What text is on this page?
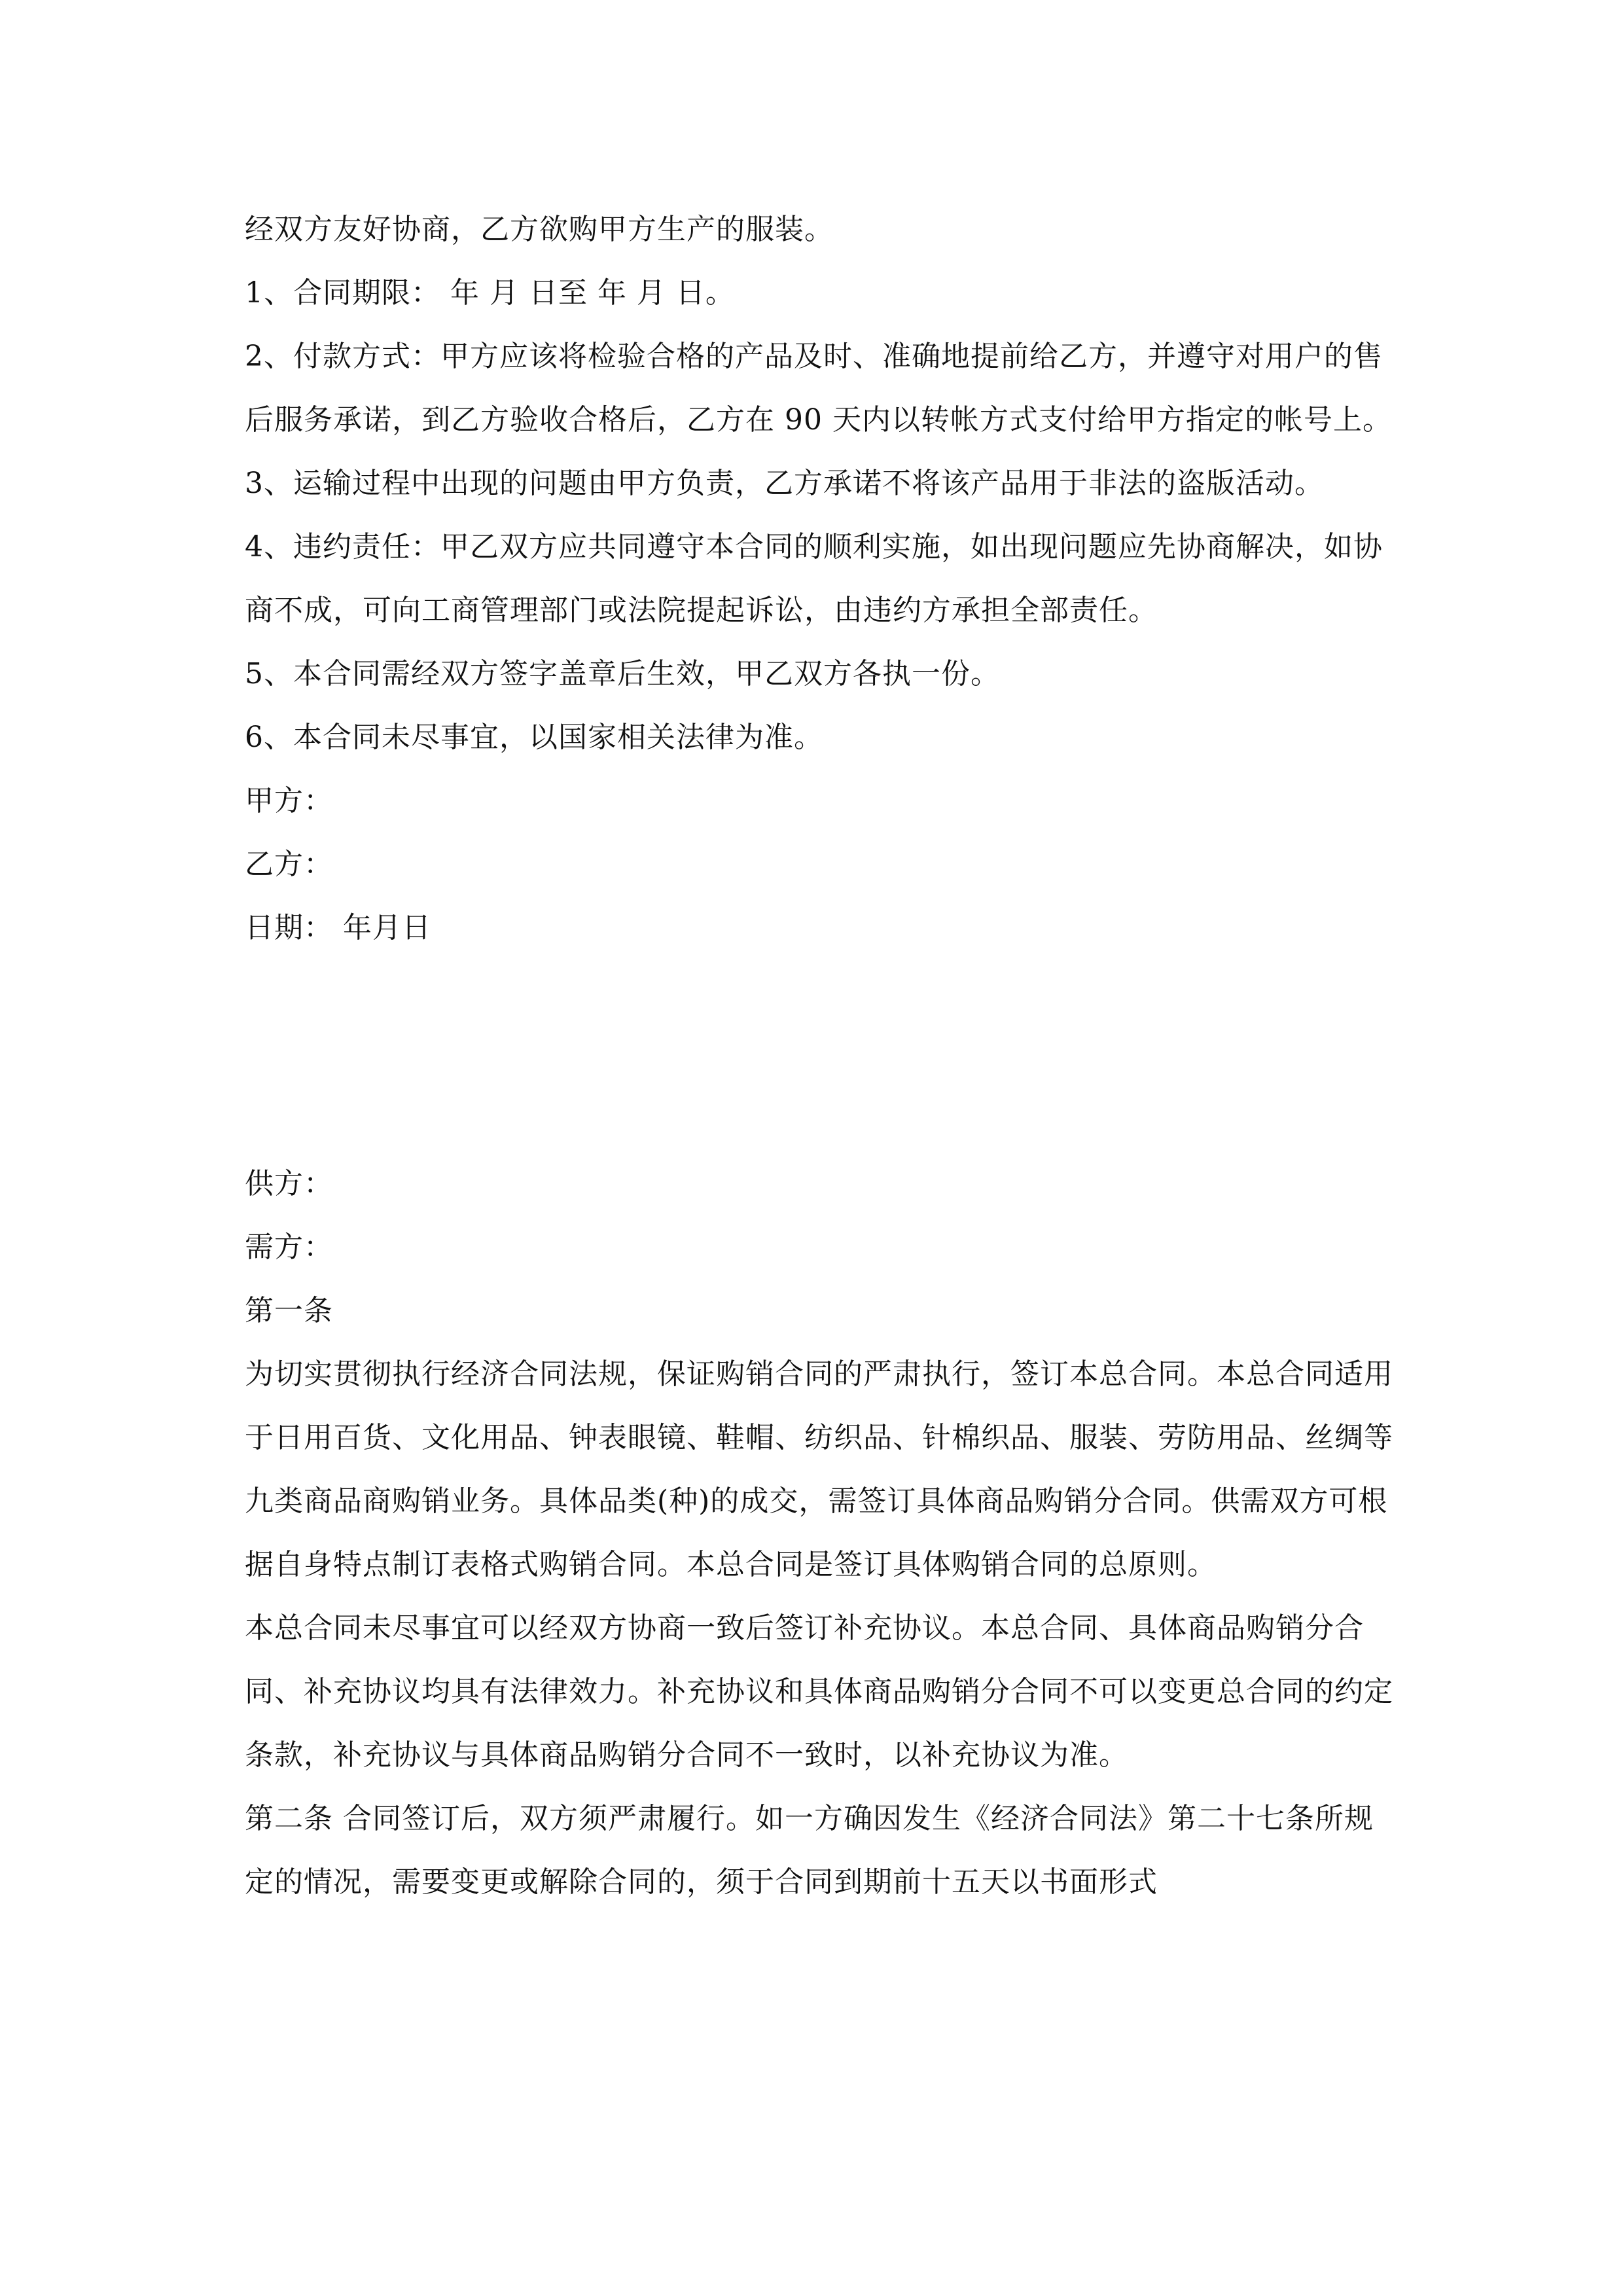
经双方友好协商，乙方欲购甲方生产的服装。

1、合同期限： 年 月 日至 年 月 日。

2、付款方式：甲方应该将检验合格的产品及时、准确地提前给乙方，并遵守对用户的售后服务承诺，到乙方验收合格后，乙方在 90 天内以转帐方式支付给甲方指定的帐号上。

3、运输过程中出现的问题由甲方负责，乙方承诺不将该产品用于非法的盗版活动。

4、违约责任：甲乙双方应共同遵守本合同的顺利实施，如出现问题应先协商解决，如协商不成，可向工商管理部门或法院提起诉讼，由违约方承担全部责任。

5、本合同需经双方签字盖章后生效，甲乙双方各执一份。

6、本合同未尽事宜，以国家相关法律为准。

甲方：

乙方：

日期： 年月日

供方：

需方：

第一条

为切实贯彻执行经济合同法规，保证购销合同的严肃执行，签订本总合同。本总合同适用于日用百货、文化用品、钟表眼镜、鞋帽、纺织品、针棉织品、服装、劳防用品、丝绸等九类商品商购销业务。具体品类(种)的成交，需签订具体商品购销分合同。供需双方可根据自身特点制订表格式购销合同。本总合同是签订具体购销合同的总原则。

本总合同未尽事宜可以经双方协商一致后签订补充协议。本总合同、具体商品购销分合同、补充协议均具有法律效力。补充协议和具体商品购销分合同不可以变更总合同的约定条款，补充协议与具体商品购销分合同不一致时，以补充协议为准。

第二条 合同签订后，双方须严肃履行。如一方确因发生《经济合同法》第二十七条所规定的情况，需要变更或解除合同的，须于合同到期前十五天以书面形式
